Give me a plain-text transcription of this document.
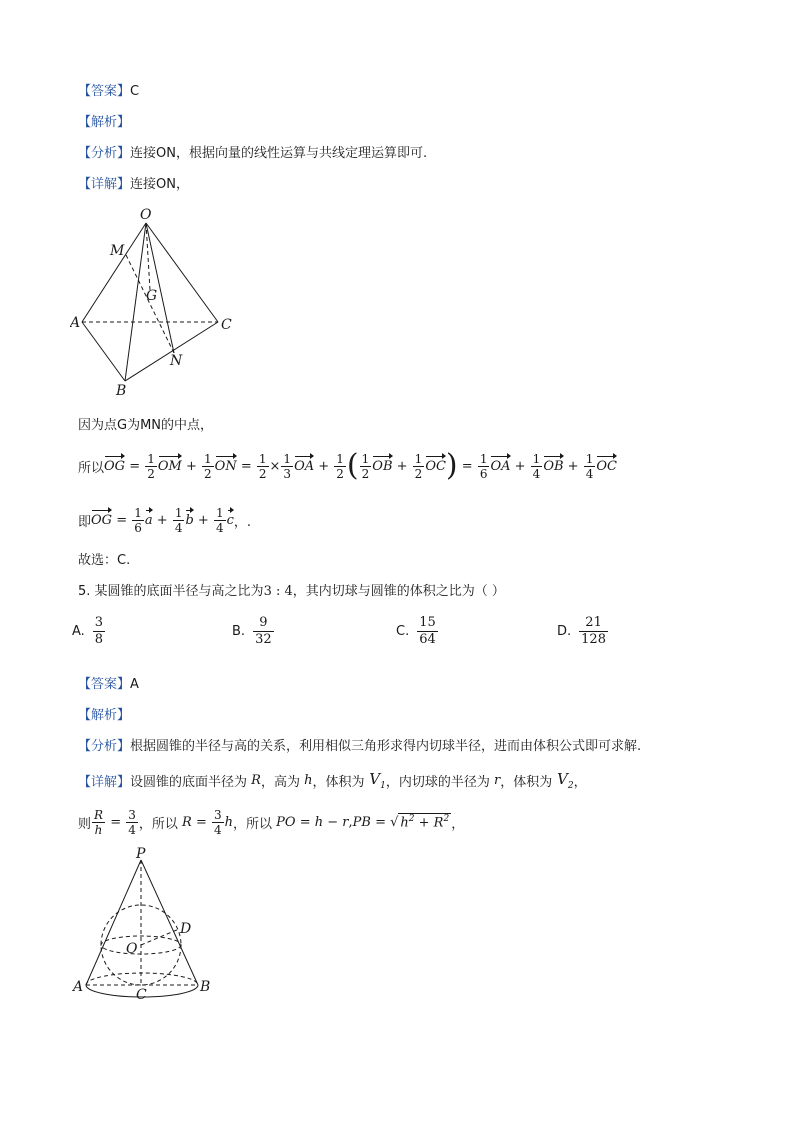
【答案】C
【解析】
【分析】连接ON，根据向量的线性运算与共线定理运算即可.
【详解】连接ON，
O
M
G
A	C
N
B
因为点G为MN的中点，
所以 OG = $\frac{1}{2}$ OM + $\frac{1}{2}$ ON = $\frac{1}{2} \times \frac{1}{3}$ OA + $\frac{1}{2}$ ( $\frac{1}{2}$ OB + $\frac{1}{2}$ OC ) = $\frac{1}{6}$ OA + $\frac{1}{4}$ OB + $\frac{1}{4}$ OC
即 OG = $\frac{1}{6}$ $a + \frac{1}{4}$ $b + \frac{1}{4}$ c ，.
故选：C.
5. 某圆锥的底面半径与高之比为3 : 4，其内切球与圆锥的体积之比为（ ）
A. $\frac{3}{8}$	B. $\frac{9}{32}$	C. $\frac{15}{64}$	D. $\frac{21}{128}$
【答案】A
【解析】
【分析】根据圆锥的半径与高的关系，利用相似三角形求得内切球半径，进而由体积公式即可求解.
【详解】 设圆锥的底面半径为 R ，高为 h ，体积为 $V_1$ ，内切球的半径为 r ，体积为 $V_2$ ，
则 $\frac{R}{h} = \frac{3}{4}$ ，所以 $R = \frac{3}{4}$ h ，所以 PO = h − r , PB = √ $h^2 + R^2$ ，
P
D
O
A	C	B
